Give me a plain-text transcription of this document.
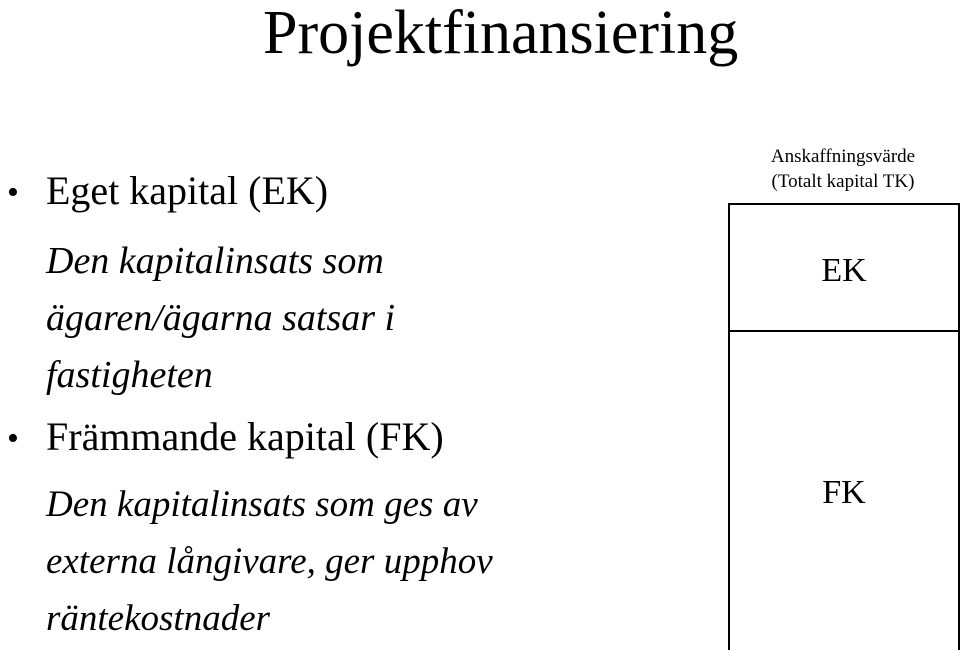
Projektfinansiering
• Eget kapital (EK)
Den kapitalinsats som
ägaren/ägarna satsar i
fastigheten
• Främmande kapital (FK)
Den kapitalinsats som ges av
externa långivare, ger upphov
räntekostnader
Anskaffningsvärde
(Totalt kapital TK)
EK
FK
